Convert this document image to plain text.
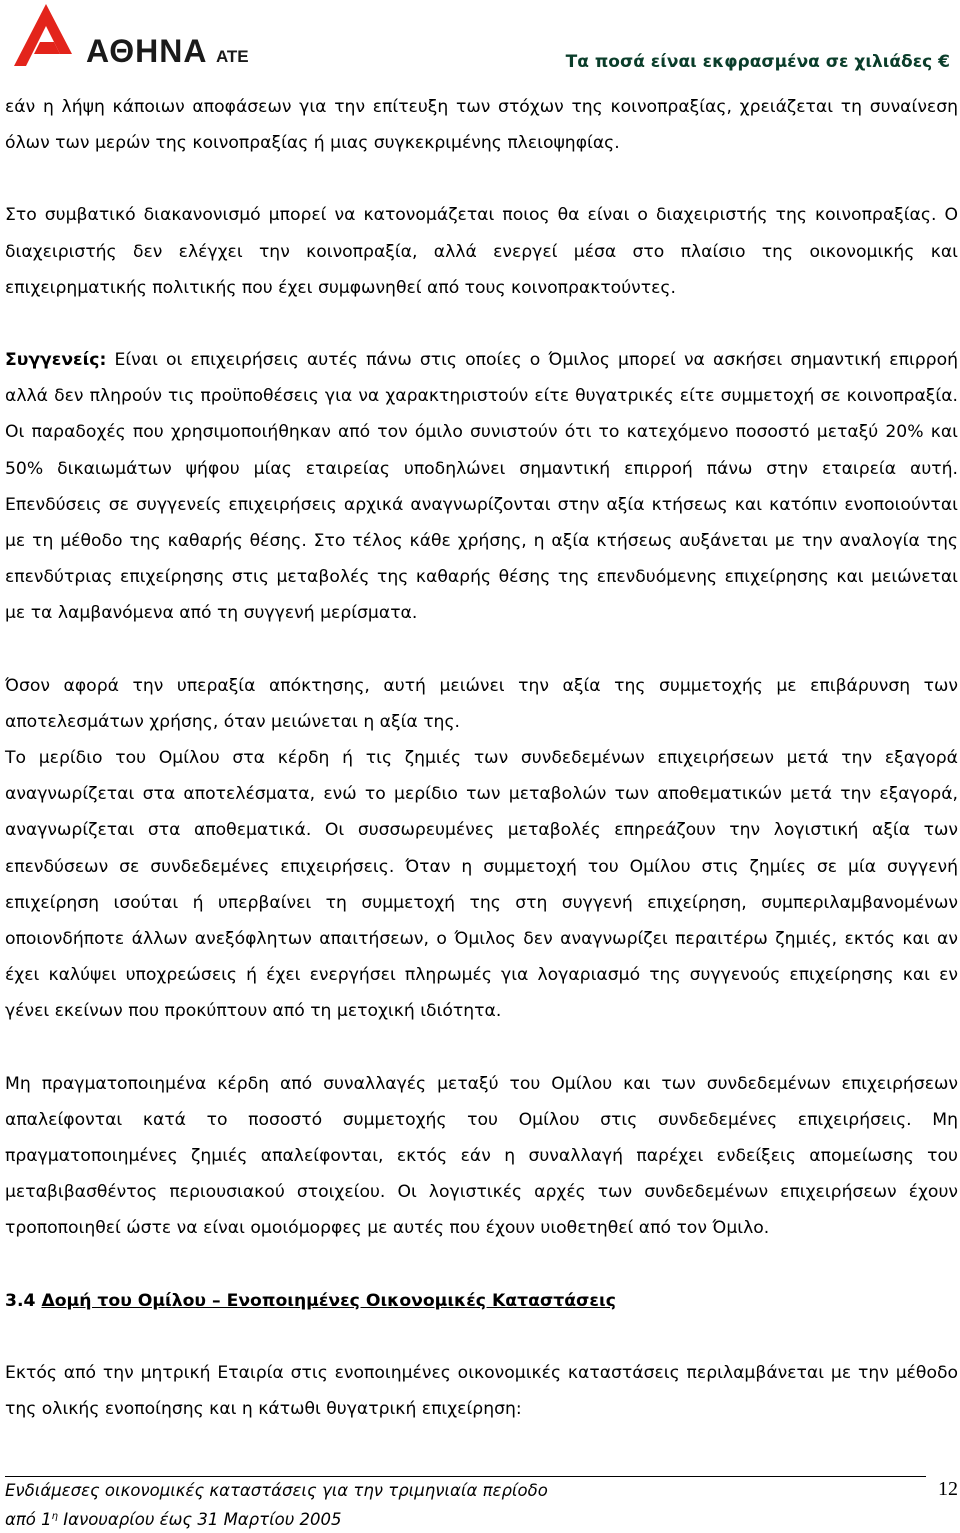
ΑΘΗΝΑ ΑΤΕ	Τα ποσά είναι εκφρασμένα σε χιλιάδες €

εάν η λήψη κάποιων αποφάσεων για την επίτευξη των στόχων της κοινοπραξίας, χρειάζεται τη συναίνεση όλων των μερών της κοινοπραξίας ή μιας συγκεκριμένης πλειοψηφίας.

Στο συμβατικό διακανονισμό μπορεί να κατονομάζεται ποιος θα είναι ο διαχειριστής της κοινοπραξίας. Ο διαχειριστής δεν ελέγχει την κοινοπραξία, αλλά ενεργεί μέσα στο πλαίσιο της οικονομικής και επιχειρηματικής πολιτικής που έχει συμφωνηθεί από τους κοινοπρακτούντες.

Συγγενείς: Είναι οι επιχειρήσεις αυτές πάνω στις οποίες ο Όμιλος μπορεί να ασκήσει σημαντική επιρροή αλλά δεν πληρούν τις προϋποθέσεις για να χαρακτηριστούν είτε θυγατρικές είτε συμμετοχή σε κοινοπραξία. Οι παραδοχές που χρησιμοποιήθηκαν από τον όμιλο συνιστούν ότι το κατεχόμενο ποσοστό μεταξύ 20% και 50% δικαιωμάτων ψήφου μίας εταιρείας υποδηλώνει σημαντική επιρροή πάνω στην εταιρεία αυτή. Επενδύσεις σε συγγενείς επιχειρήσεις αρχικά αναγνωρίζονται στην αξία κτήσεως και κατόπιν ενοποιούνται με τη μέθοδο της καθαρής θέσης. Στο τέλος κάθε χρήσης, η αξία κτήσεως αυξάνεται με την αναλογία της επενδύτριας επιχείρησης στις μεταβολές της καθαρής θέσης της επενδυόμενης επιχείρησης και μειώνεται με τα λαμβανόμενα από τη συγγενή μερίσματα.

Όσον αφορά την υπεραξία απόκτησης, αυτή μειώνει την αξία της συμμετοχής με επιβάρυνση των αποτελεσμάτων χρήσης, όταν μειώνεται η αξία της.

Το μερίδιο του Ομίλου στα κέρδη ή τις ζημιές των συνδεδεμένων επιχειρήσεων μετά την εξαγορά αναγνωρίζεται στα αποτελέσματα, ενώ το μερίδιο των μεταβολών των αποθεματικών μετά την εξαγορά, αναγνωρίζεται στα αποθεματικά. Οι συσσωρευμένες μεταβολές επηρεάζουν την λογιστική αξία των επενδύσεων σε συνδεδεμένες επιχειρήσεις. Όταν η συμμετοχή του Ομίλου στις ζημίες σε μία συγγενή επιχείρηση ισούται ή υπερβαίνει τη συμμετοχή της στη συγγενή επιχείρηση, συμπεριλαμβανομένων οποιονδήποτε άλλων ανεξόφλητων απαιτήσεων, ο Όμιλος δεν αναγνωρίζει περαιτέρω ζημιές, εκτός και αν έχει καλύψει υποχρεώσεις ή έχει ενεργήσει πληρωμές για λογαριασμό της συγγενούς επιχείρησης και εν γένει εκείνων που προκύπτουν από τη μετοχική ιδιότητα.

Μη πραγματοποιημένα κέρδη από συναλλαγές μεταξύ του Ομίλου και των συνδεδεμένων επιχειρήσεων απαλείφονται κατά το ποσοστό συμμετοχής του Ομίλου στις συνδεδεμένες επιχειρήσεις. Μη πραγματοποιημένες ζημιές απαλείφονται, εκτός εάν η συναλλαγή παρέχει ενδείξεις απομείωσης του μεταβιβασθέντος περιουσιακού στοιχείου. Οι λογιστικές αρχές των συνδεδεμένων επιχειρήσεων έχουν τροποποιηθεί ώστε να είναι ομοιόμορφες με αυτές που έχουν υιοθετηθεί από τον Όμιλο.

3.4 Δομή του Ομίλου – Ενοποιημένες Οικονομικές Καταστάσεις

Εκτός από την μητρική Εταιρία στις ενοποιημένες οικονομικές καταστάσεις περιλαμβάνεται με την μέθοδο της ολικής ενοποίησης και η κάτωθι θυγατρική επιχείρηση:

Ενδιάμεσες οικονομικές καταστάσεις για την τριμηνιαία περίοδο
από $1^\eta$ Ιανουαρίου έως 31 Μαρτίου 2005
12
